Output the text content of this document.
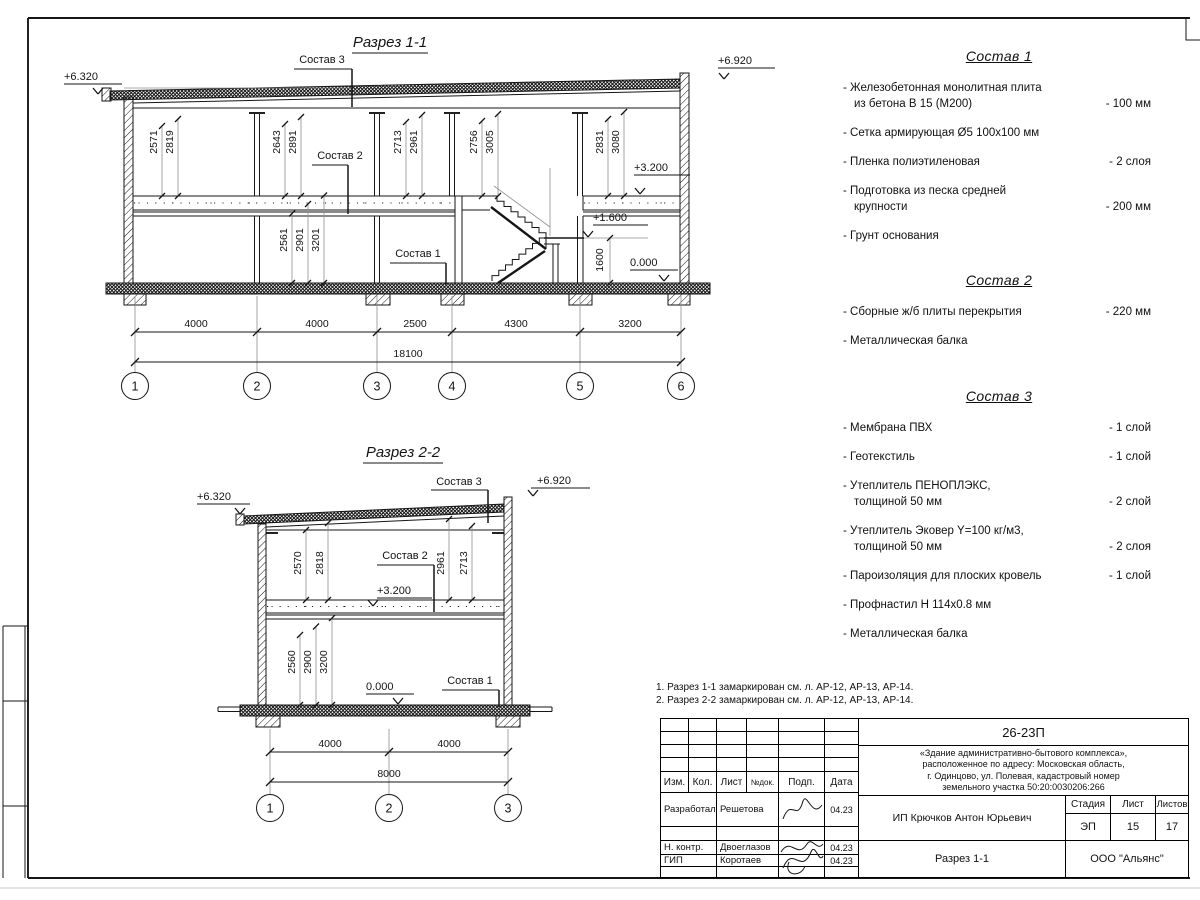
Разрез 1-1
2571 2819	2643 2891	2713 2961	2756 3005	2831 3080
2561 2901 3201
Состав 3
Состав 2
Состав 1
+6.320
+6.920
+3.200
+1.600
0.000
1600
4000	4000	2500	4300	3200
18100
1	2	3	4	5	6
Разрез 2-2
2570 2818	2961 2713
2560 2900 3200
Состав 3
Состав 2
Состав 1
+6.320
+6.920
+3.200
0.000
4000	4000
8000
1	2	3
Состав 1
- Железобетонная монолитная плита
из бетона В 15 (М200)	- 100 мм
- Сетка армирующая Ø5 100х100 мм
- Пленка полиэтиленовая	- 2 слоя
- Подготовка из песка средней
крупности	- 200 мм
- Грунт основания
Состав 2
- Сборные ж/б плиты перекрытия	- 220 мм
- Металлическая балка
Состав 3
- Мембрана ПВХ	- 1 слой
- Геотекстиль	- 1 слой
- Утеплитель ПЕНОПЛЭКС,
толщиной 50 мм	- 2 слой
- Утеплитель Эковер Y=100 кг/м3,
толщиной 50 мм	- 2 слоя
- Пароизоляция для плоских кровель	- 1 слой
- Профнастил Н 114х0.8 мм
- Металлическая балка
1. Разрез 1-1 замаркирован см. л. АР-12, АР-13, АР-14.
2. Разрез 2-2 замаркирован см. л. АР-12, АР-13, АР-14.
Изм. Кол. Лист	№док.	Подп.	Дата
Разработал Решетова	04.23
Н. контр.	Двоеглазов	04.23
ГИП	Коротаев	04.23
26-23П
«Здание административно-бытового комплекса»,
расположенное по адресу: Московская область,
г. Одинцово, ул. Полевая, кадастровый номер
земельного участка 50:20:0030206:266
ИП Крючков Антон Юрьевич
Стадия	Лист	Листов
ЭП	15	17
Разрез 1-1	ООО "Альянс"
